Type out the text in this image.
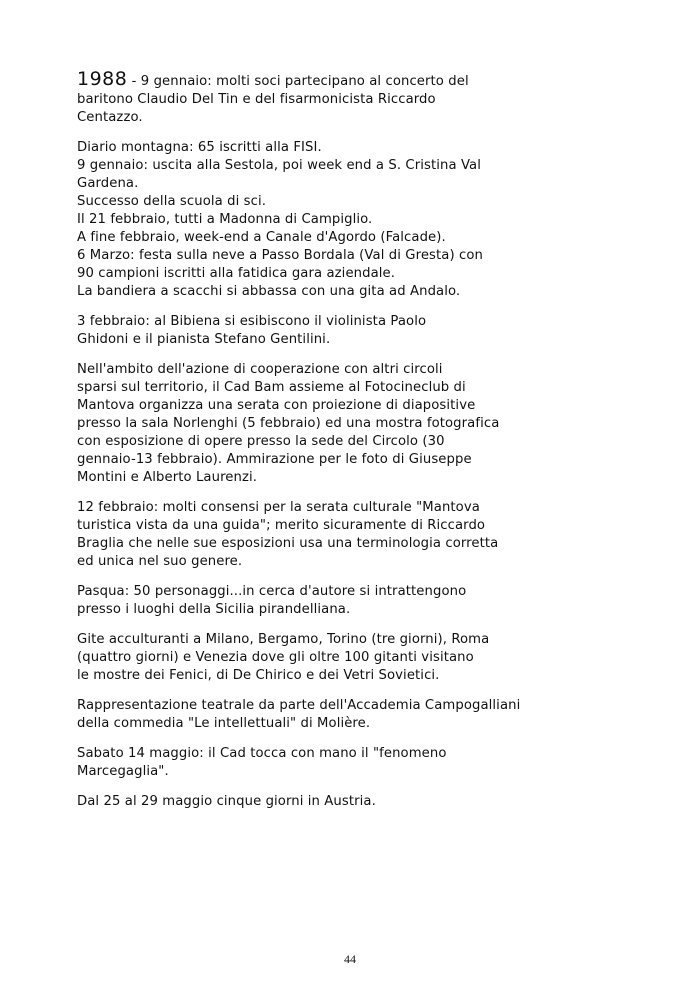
1988 - 9 gennaio: molti soci partecipano al concerto del
baritono Claudio Del Tin e del fisarmonicista Riccardo
Centazzo.

Diario montagna: 65 iscritti alla FISI.
9 gennaio: uscita alla Sestola, poi week end a S. Cristina Val
Gardena.
Successo della scuola di sci.
Il 21 febbraio, tutti a Madonna di Campiglio.
A fine febbraio, week-end a Canale d'Agordo (Falcade).
6 Marzo: festa sulla neve a Passo Bordala (Val di Gresta) con
90 campioni iscritti alla fatidica gara aziendale.
La bandiera a scacchi si abbassa con una gita ad Andalo.

3 febbraio: al Bibiena si esibiscono il violinista Paolo
Ghidoni e il pianista Stefano Gentilini.

Nell'ambito dell'azione di cooperazione con altri circoli
sparsi sul territorio, il Cad Bam assieme al Fotocineclub di
Mantova organizza una serata con proiezione di diapositive
presso la sala Norlenghi (5 febbraio) ed una mostra fotografica
con esposizione di opere presso la sede del Circolo (30
gennaio-13 febbraio). Ammirazione per le foto di Giuseppe
Montini e Alberto Laurenzi.

12 febbraio: molti consensi per la serata culturale "Mantova
turistica vista da una guida"; merito sicuramente di Riccardo
Braglia che nelle sue esposizioni usa una terminologia corretta
ed unica nel suo genere.

Pasqua: 50 personaggi...in cerca d'autore si intrattengono
presso i luoghi della Sicilia pirandelliana.

Gite acculturanti a Milano, Bergamo, Torino (tre giorni), Roma
(quattro giorni) e Venezia dove gli oltre 100 gitanti visitano
le mostre dei Fenici, di De Chirico e dei Vetri Sovietici.

Rappresentazione teatrale da parte dell'Accademia Campogalliani
della commedia "Le intellettuali" di Molière.

Sabato 14 maggio: il Cad tocca con mano il "fenomeno
Marcegaglia".

Dal 25 al 29 maggio cinque giorni in Austria.

44
